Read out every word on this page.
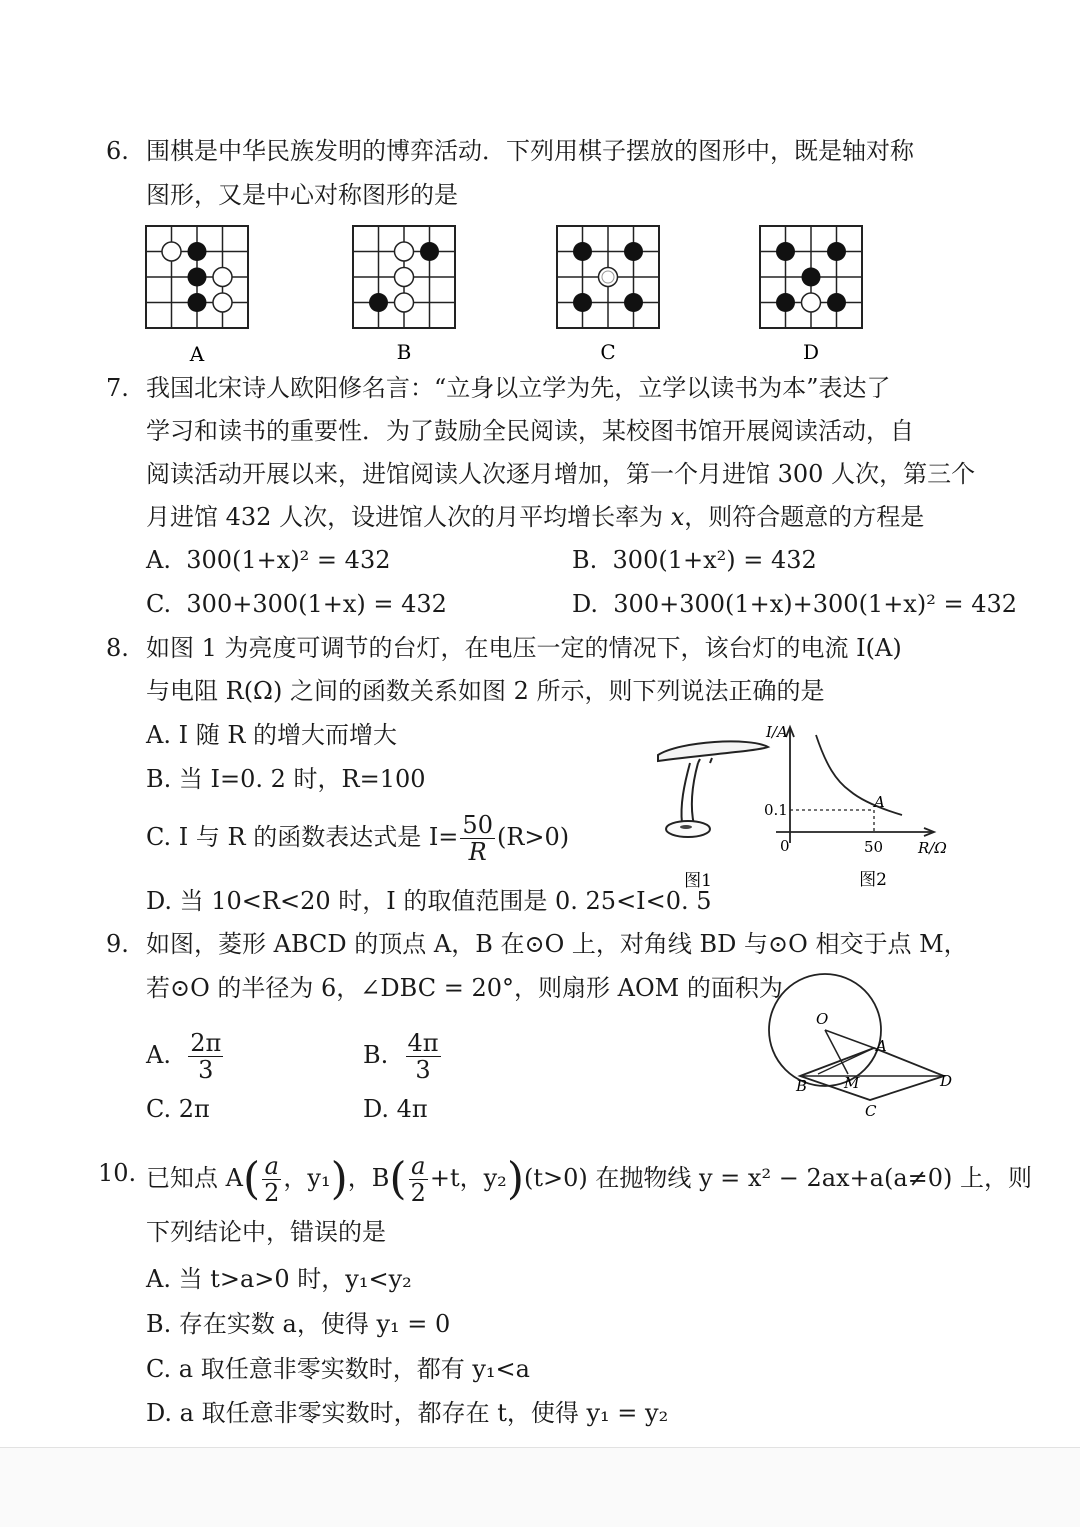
6. 围棋是中华民族发明的博弈活动．下列用棋子摆放的图形中，既是轴对称
图形，又是中心对称图形的是
A	B	C	D
7. 我国北宋诗人欧阳修名言：“立身以立学为先，立学以读书为本”表达了
学习和读书的重要性．为了鼓励全民阅读，某校图书馆开展阅读活动，自
阅读活动开展以来，进馆阅读人次逐月增加，第一个月进馆 300 人次，第三个
月进馆 432 人次，设进馆人次的月平均增长率为 x，则符合题意的方程是
A. 300(1+x)² = 432	B. 300(1+x²) = 432
C. 300+300(1+x) = 432	D. 300+300(1+x)+300(1+x)² = 432
8. 如图 1 为亮度可调节的台灯，在电压一定的情况下，该台灯的电流 I(A)
与电阻 R(Ω) 之间的函数关系如图 2 所示，则下列说法正确的是
A. I 随 R 的增大而增大
B. 当 I=0. 2 时，R=100
C. I 与 R 的函数表达式是 $I= \frac{50}{R} (R>0)$
D. 当 10<R<20 时，I 的取值范围是 0. 25<I<0. 5
图1
I/A
R/Ω
0
0.1
50
A
图2
9. 如图，菱形 ABCD 的顶点 A，B 在⊙O 上，对角线 BD 与⊙O 相交于点 M，
若⊙O 的半径为 6，∠DBC = 20°，则扇形 AOM 的面积为
A. $\frac{2\pi}{3}$	B. $\frac{4\pi}{3}$
C. 2π	D. 4π
O
A
B M
C
D
10. 已知点 $A( \frac{a}{2}$ ，y₁)，$B( \frac{a}{2} +t$，y₂)(t>0) 在抛物线 y = x² − 2ax+a(a≠0) 上，则
下列结论中，错误的是
A. 当 t>a>0 时，y₁<y₂
B. 存在实数 a，使得 y₁ = 0
C. a 取任意非零实数时，都有 y₁<a
D. a 取任意非零实数时，都存在 t，使得 y₁ = y₂
